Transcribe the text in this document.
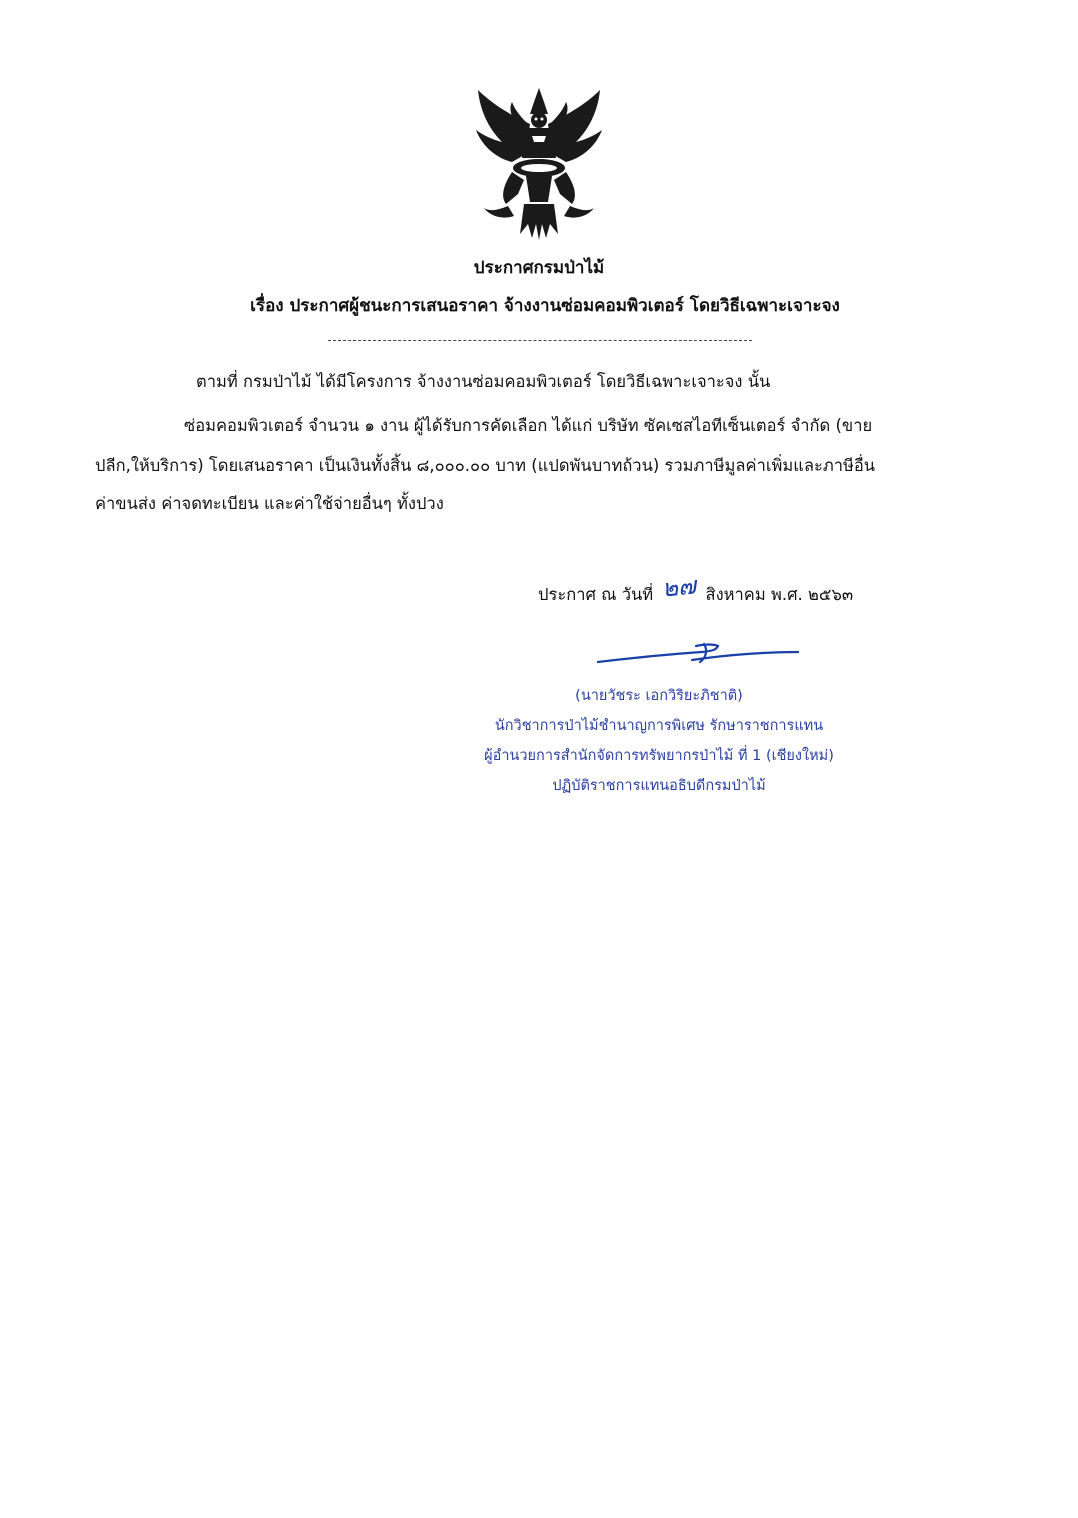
ประกาศกรมป่าไม้
เรื่อง ประกาศผู้ชนะการเสนอราคา จ้างงานซ่อมคอมพิวเตอร์ โดยวิธีเฉพาะเจาะจง
ตามที่ กรมป่าไม้ ได้มีโครงการ จ้างงานซ่อมคอมพิวเตอร์ โดยวิธีเฉพาะเจาะจง นั้น
ซ่อมคอมพิวเตอร์ จำนวน ๑ งาน ผู้ได้รับการคัดเลือก ได้แก่ บริษัท ซัคเซสไอทีเซ็นเตอร์ จำกัด (ขาย
ปลีก,ให้บริการ) โดยเสนอราคา เป็นเงินทั้งสิ้น ๘,๐๐๐.๐๐ บาท (แปดพันบาทถ้วน) รวมภาษีมูลค่าเพิ่มและภาษีอื่น
ค่าขนส่ง ค่าจดทะเบียน และค่าใช้จ่ายอื่นๆ ทั้งปวง
ประกาศ ณ วันที่ ๒๗ สิงหาคม พ.ศ. ๒๕๖๓
(นายวัชระ เอกวิริยะภิชาติ)
นักวิชาการป่าไม้ชำนาญการพิเศษ รักษาราชการแทน
ผู้อำนวยการสำนักจัดการทรัพยากรป่าไม้ ที่ 1 (เชียงใหม่)
ปฏิบัติราชการแทนอธิบดีกรมป่าไม้
